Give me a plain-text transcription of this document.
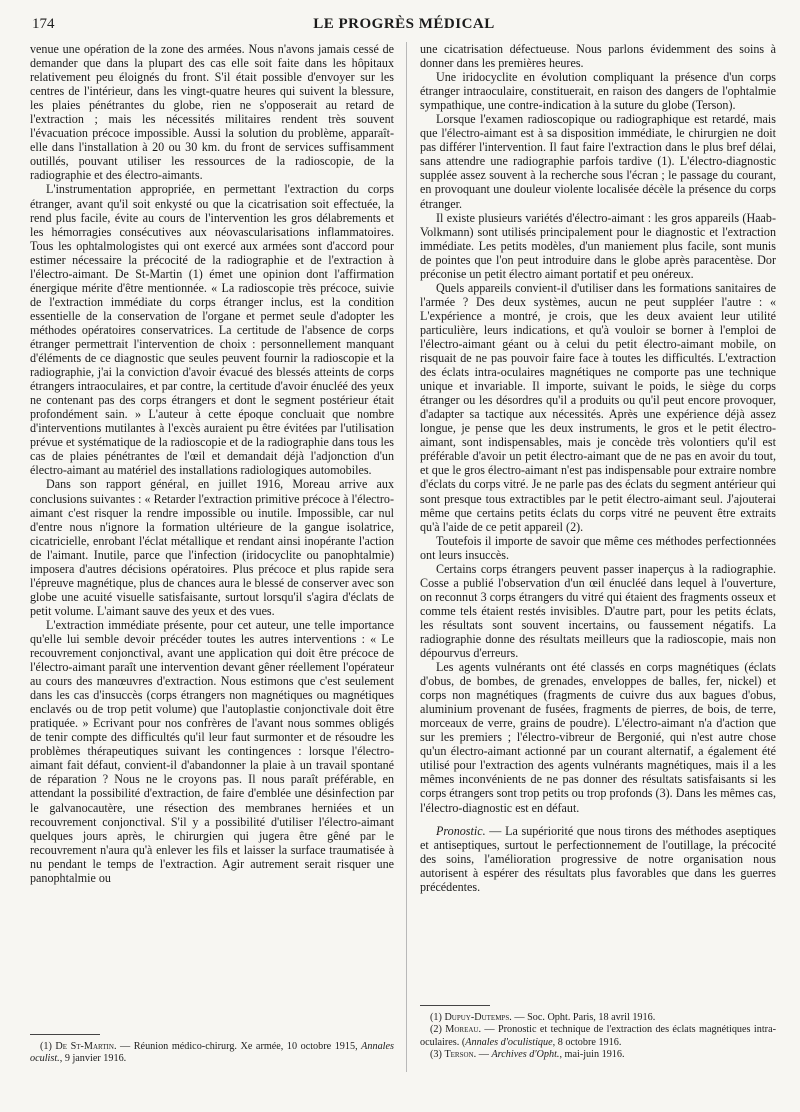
174	LE PROGRÈS MÉDICAL

venue une opération de la zone des armées. Nous n'avons jamais cessé de demander que dans la plupart des cas elle soit faite dans les hôpitaux relativement peu éloignés du front. S'il était possible d'envoyer sur les centres de l'intérieur, dans les vingt-quatre heures qui suivent la blessure, les plaies pénétrantes du globe, rien ne s'opposerait au retard de l'extraction ; mais les nécessités militaires rendent très souvent l'évacuation précoce impossible. Aussi la solution du problème, apparaît-elle dans l'installation à 20 ou 30 km. du front de services suffisamment outillés, pouvant utiliser les ressources de la radioscopie, de la radiographie et des électro-aimants.

L'instrumentation appropriée, en permettant l'extraction du corps étranger, avant qu'il soit enkysté ou que la cicatrisation soit effectuée, la rend plus facile, évite au cours de l'intervention les gros délabrements et les hémorragies consécutives aux néovascularisations inflammatoires. Tous les ophtalmologistes qui ont exercé aux armées sont d'accord pour estimer nécessaire la précocité de la radiographie et de l'extraction à l'électro-aimant. De St-Martin (1) émet une opinion dont l'affirmation énergique mérite d'être mentionnée. « La radioscopie très précoce, suivie de l'extraction immédiate du corps étranger inclus, est la condition essentielle de la conservation de l'organe et permet seule d'adopter les méthodes opératoires conservatrices. La certitude de l'absence de corps étranger permettrait l'intervention de choix : personnellement manquant d'éléments de ce diagnostic que seules peuvent fournir la radioscopie et la radiographie, j'ai la conviction d'avoir évacué des blessés atteints de corps étrangers intraoculaires, et par contre, la certitude d'avoir énucléé des yeux ne contenant pas des corps étrangers et dont le segment postérieur était profondément sain. » L'auteur à cette époque concluait que nombre d'interventions mutilantes à l'excès auraient pu être évitées par l'utilisation prévue et systématique de la radioscopie et de la radiographie dans tous les cas de plaies pénétrantes de l'œil et demandait déjà l'adjonction d'un électro-aimant au matériel des installations radiologiques automobiles.

Dans son rapport général, en juillet 1916, Moreau arrive aux conclusions suivantes : « Retarder l'extraction primitive précoce à l'électro-aimant c'est risquer la rendre impossible ou inutile. Impossible, car nul d'entre nous n'ignore la formation ultérieure de la gangue isolatrice, cicatricielle, enrobant l'éclat métallique et rendant ainsi inopérante l'action de l'aimant. Inutile, parce que l'infection (iridocyclite ou panophtalmie) imposera d'autres décisions opératoires. Plus précoce et plus rapide sera l'épreuve magnétique, plus de chances aura le blessé de conserver avec son globe une acuité visuelle satisfaisante, surtout lorsqu'il s'agira d'éclats de petit volume. L'aimant sauve des yeux et des vues.

L'extraction immédiate présente, pour cet auteur, une telle importance qu'elle lui semble devoir précéder toutes les autres interventions : « Le recouvrement conjonctival, avant une application qui doit être précoce de l'électro-aimant paraît une intervention devant gêner réellement l'opérateur au cours des manœuvres d'extraction. Nous estimons que c'est seulement dans les cas d'insuccès (corps étrangers non magnétiques ou magnétiques enclavés ou de trop petit volume) que l'autoplastie conjonctivale doit être pratiquée. » Ecrivant pour nos confrères de l'avant nous sommes obligés de tenir compte des difficultés qu'il leur faut surmonter et de résoudre les problèmes thérapeutiques suivant les contingences : lorsque l'électro-aimant fait défaut, convient-il d'abandonner la plaie à un travail spontané de réparation ? Nous ne le croyons pas. Il nous paraît préférable, en attendant la possibilité d'extraction, de faire d'emblée une désinfection par le galvanocautère, une résection des membranes herniées et un recouvrement conjonctival. S'il y a possibilité d'utiliser l'électro-aimant quelques jours après, le chirurgien qui jugera être gêné par le recouvrement n'aura qu'à enlever les fils et laisser la surface traumatisée à nu pendant le temps de l'extraction. Agir autrement serait risquer une panophtalmie ou

une cicatrisation défectueuse. Nous parlons évidemment des soins à donner dans les premières heures.

Une iridocyclite en évolution compliquant la présence d'un corps étranger intraoculaire, constituerait, en raison des dangers de l'ophtalmie sympathique, une contre-indication à la suture du globe (Terson).

Lorsque l'examen radioscopique ou radiographique est retardé, mais que l'électro-aimant est à sa disposition immédiate, le chirurgien ne doit pas différer l'intervention. Il faut faire l'extraction dans le plus bref délai, sans attendre une radiographie parfois tardive (1). L'électro-diagnostic supplée assez souvent à la recherche sous l'écran ; le passage du courant, en provoquant une douleur violente localisée décèle la présence du corps étranger.

Il existe plusieurs variétés d'électro-aimant : les gros appareils (Haab-Volkmann) sont utilisés principalement pour le diagnostic et l'extraction immédiate. Les petits modèles, d'un maniement plus facile, sont munis de pointes que l'on peut introduire dans le globe après paracentèse. Dor préconise un petit électro aimant portatif et peu onéreux.

Quels appareils convient-il d'utiliser dans les formations sanitaires de l'armée ? Des deux systèmes, aucun ne peut suppléer l'autre : « L'expérience a montré, je crois, que les deux avaient leur utilité particulière, leurs indications, et qu'à vouloir se borner à l'emploi de l'électro-aimant géant ou à celui du petit électro-aimant mobile, on risquait de ne pas pouvoir faire face à toutes les difficultés. L'extraction des éclats intra-oculaires magnétiques ne comporte pas une technique unique et invariable. Il importe, suivant le poids, le siège du corps étranger ou les désordres qu'il a produits ou qu'il peut encore provoquer, d'adapter sa tactique aux nécessités. Après une expérience déjà assez longue, je pense que les deux instruments, le gros et le petit électro-aimant, sont indispensables, mais je concède très volontiers qu'il est préférable d'avoir un petit électro-aimant que de ne pas en avoir du tout, et que le gros électro-aimant n'est pas indispensable pour extraire nombre d'éclats du corps vitré. Je ne parle pas des éclats du segment antérieur qui sont presque tous extractibles par le petit électro-aimant seul. J'ajouterai même que certains petits éclats du corps vitré ne peuvent être extraits qu'à l'aide de ce petit appareil (2).

Toutefois il importe de savoir que même ces méthodes perfectionnées ont leurs insuccès.

Certains corps étrangers peuvent passer inaperçus à la radiographie. Cosse a publié l'observation d'un œil énucléé dans lequel à l'ouverture, on reconnut 3 corps étrangers du vitré qui étaient des fragments osseux et comme tels étaient restés invisibles. D'autre part, pour les petits éclats, les résultats sont souvent incertains, ou faussement négatifs. La radiographie donne des résultats meilleurs que la radioscopie, mais non dépourvus d'erreurs.

Les agents vulnérants ont été classés en corps magnétiques (éclats d'obus, de bombes, de grenades, enveloppes de balles, fer, nickel) et corps non magnétiques (fragments de cuivre dus aux bagues d'obus, aluminium provenant de fusées, fragments de pierres, de bois, de terre, morceaux de verre, grains de poudre). L'électro-aimant n'a d'action que sur les premiers ; l'électro-vibreur de Bergonié, qui n'est autre chose qu'un électro-aimant actionné par un courant alternatif, a également été utilisé pour l'extraction des agents vulnérants magnétiques, mais il a les mêmes inconvénients de ne pas donner des résultats satisfaisants si les corps étrangers sont trop petits ou trop profonds (3). Dans les mêmes cas, l'électro-diagnostic est en défaut.

Pronostic. — La supériorité que nous tirons des méthodes aseptiques et antiseptiques, surtout le perfectionnement de l'outillage, la précocité des soins, l'amélioration progressive de notre organisation nous autorisent à espérer des résultats plus favorables que dans les guerres précédentes.

(1) De St-Martin. — Réunion médico-chirurg. Xe armée, 10 octobre 1915, Annales oculist., 9 janvier 1916.

(1) Dupuy-Dutemps. — Soc. Opht. Paris, 18 avril 1916.

(2) Moreau. — Pronostic et technique de l'extraction des éclats magnétiques intra-oculaires. (Annales d'oculistique, 8 octobre 1916.

(3) Terson. — Archives d'Opht., mai-juin 1916.
